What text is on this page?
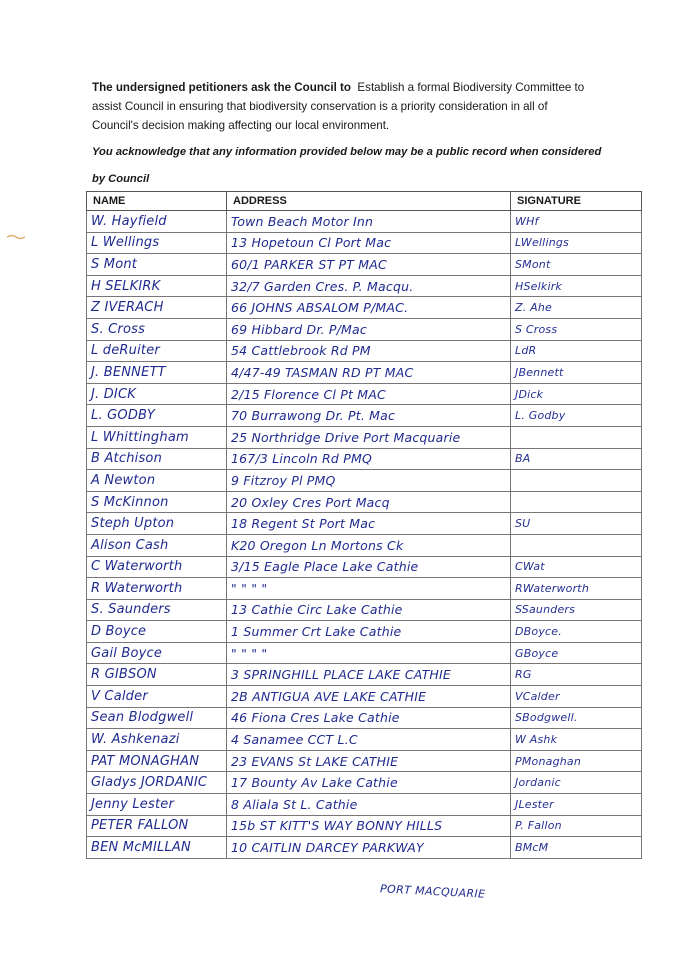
The undersigned petitioners ask the Council to Establish a formal Biodiversity Committee to assist Council in ensuring that biodiversity conservation is a priority consideration in all of Council's decision making affecting our local environment.
You acknowledge that any information provided below may be a public record when considered by Council
NAME	ADDRESS	SIGNATURE
W. Hayfield	Town Beach Motor Inn	WHf
L Wellings	13 Hopetoun Cl Port Mac	LWellings
S Mont	60/1 PARKER ST PT MAC	SMont
H SELKIRK	32/7 Garden Cres. P. Macqu.	HSelkirk
Z IVERACH	66 JOHNS ABSALOM P/MAC.	Z. Ahe
S. Cross	69 Hibbard Dr. P/Mac	S Cross
L deRuiter	54 Cattlebrook Rd PM	LdR
J. BENNETT	4/47-49 TASMAN RD PT MAC	JBennett
J. DICK	2/15 Florence Cl Pt MAC	JDick
L. GODBY	70 Burrawong Dr. Pt. Mac	L. Godby
L Whittingham	25 Northridge Drive Port Macquarie	
B Atchison	167/3 Lincoln Rd PMQ	BA
A Newton	9 Fitzroy Pl PMQ	
S McKinnon	20 Oxley Cres Port Macq	
Steph Upton	18 Regent St Port Mac	SU
Alison Cash	K20 Oregon Ln Mortons Ck	
C Waterworth	3/15 Eagle Place Lake Cathie	CWat
R Waterworth	" " " "	RWaterworth
S. Saunders	13 Cathie Circ Lake Cathie	SSaunders
D Boyce	1 Summer Crt Lake Cathie	DBoyce.
Gail Boyce	" " " "	GBoyce
R GIBSON	3 SPRINGHILL PLACE LAKE CATHIE	RG
V Calder	2B ANTIGUA AVE LAKE CATHIE	VCalder
Sean Blodgwell	46 Fiona Cres Lake Cathie	SBodgwell.
W. Ashkenazi	4 Sanamee CCT L.C	W Ashk
PAT MONAGHAN	23 EVANS St LAKE CATHIE	PMonaghan
Gladys JORDANIC	17 Bounty Av Lake Cathie	Jordanic
Jenny Lester	8 Aliala St L. Cathie	JLester
PETER FALLON	15b ST KITT'S WAY BONNY HILLS	P. Fallon
BEN McMILLAN	10 CAITLIN DARCEY PARKWAY	BMcM
PORT MACQUARIE
